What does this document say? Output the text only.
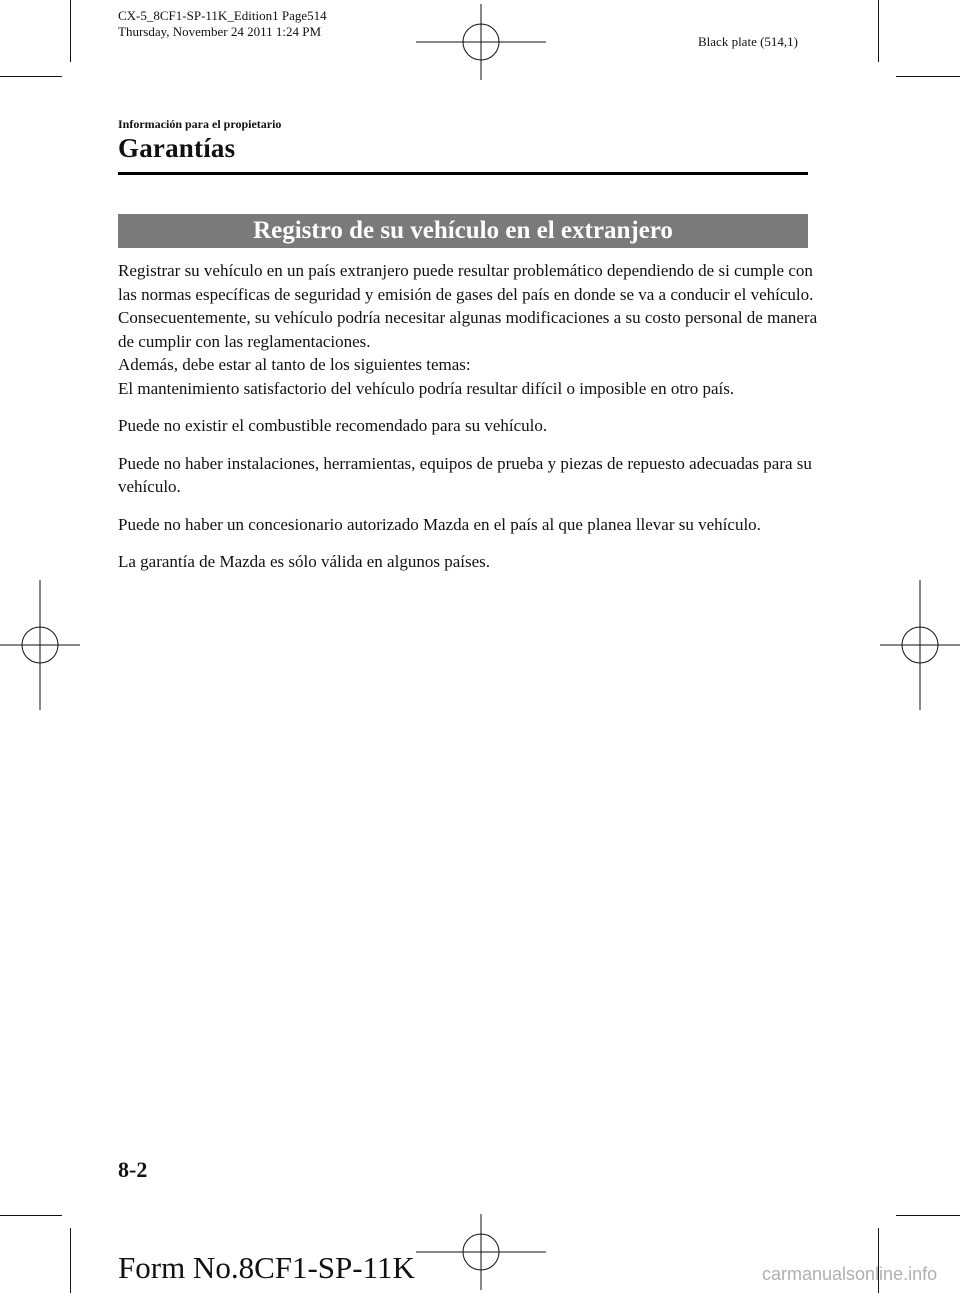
CX-5_8CF1-SP-11K_Edition1 Page514
Thursday, November 24 2011 1:24 PM
Black plate (514,1)
Información para el propietario
Garantías
Registro de su vehículo en el extranjero

Registrar su vehículo en un país extranjero puede resultar problemático dependiendo de si cumple con las normas específicas de seguridad y emisión de gases del país en donde se va a conducir el vehículo. Consecuentemente, su vehículo podría necesitar algunas modificaciones a su costo personal de manera de cumplir con las reglamentaciones.
Además, debe estar al tanto de los siguientes temas:
El mantenimiento satisfactorio del vehículo podría resultar difícil o imposible en otro país.

Puede no existir el combustible recomendado para su vehículo.

Puede no haber instalaciones, herramientas, equipos de prueba y piezas de repuesto adecuadas para su vehículo.

Puede no haber un concesionario autorizado Mazda en el país al que planea llevar su vehículo.

La garantía de Mazda es sólo válida en algunos países.

8-2
Form No.8CF1-SP-11K	carmanualsonline.info
